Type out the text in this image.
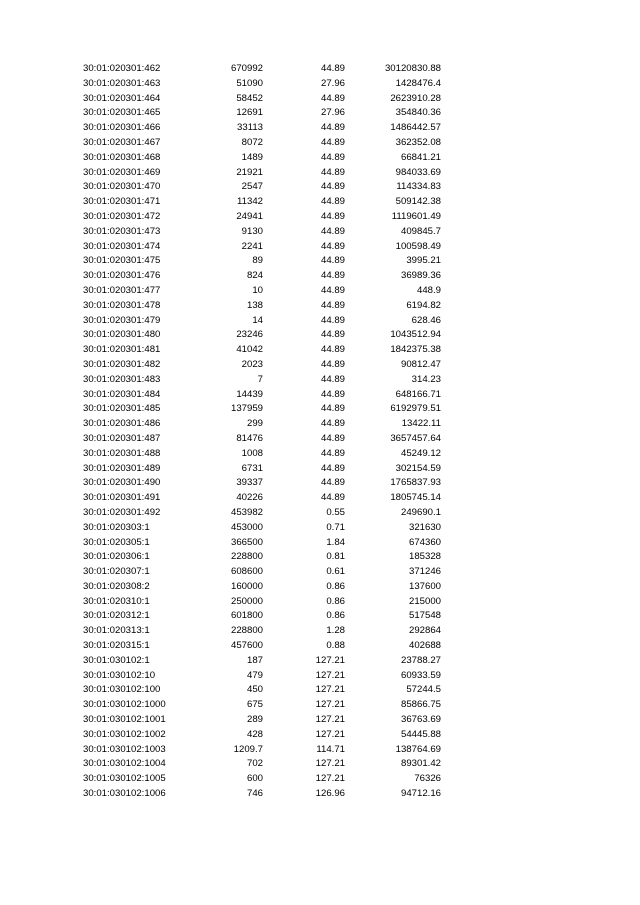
30:01:020301:462	670992	44.89	30120830.88
30:01:020301:463	51090	27.96	1428476.4
30:01:020301:464	58452	44.89	2623910.28
30:01:020301:465	12691	27.96	354840.36
30:01:020301:466	33113	44.89	1486442.57
30:01:020301:467	8072	44.89	362352.08
30:01:020301:468	1489	44.89	66841.21
30:01:020301:469	21921	44.89	984033.69
30:01:020301:470	2547	44.89	114334.83
30:01:020301:471	11342	44.89	509142.38
30:01:020301:472	24941	44.89	1119601.49
30:01:020301:473	9130	44.89	409845.7
30:01:020301:474	2241	44.89	100598.49
30:01:020301:475	89	44.89	3995.21
30:01:020301:476	824	44.89	36989.36
30:01:020301:477	10	44.89	448.9
30:01:020301:478	138	44.89	6194.82
30:01:020301:479	14	44.89	628.46
30:01:020301:480	23246	44.89	1043512.94
30:01:020301:481	41042	44.89	1842375.38
30:01:020301:482	2023	44.89	90812.47
30:01:020301:483	7	44.89	314.23
30:01:020301:484	14439	44.89	648166.71
30:01:020301:485	137959	44.89	6192979.51
30:01:020301:486	299	44.89	13422.11
30:01:020301:487	81476	44.89	3657457.64
30:01:020301:488	1008	44.89	45249.12
30:01:020301:489	6731	44.89	302154.59
30:01:020301:490	39337	44.89	1765837.93
30:01:020301:491	40226	44.89	1805745.14
30:01:020301:492	453982	0.55	249690.1
30:01:020303:1	453000	0.71	321630
30:01:020305:1	366500	1.84	674360
30:01:020306:1	228800	0.81	185328
30:01:020307:1	608600	0.61	371246
30:01:020308:2	160000	0.86	137600
30:01:020310:1	250000	0.86	215000
30:01:020312:1	601800	0.86	517548
30:01:020313:1	228800	1.28	292864
30:01:020315:1	457600	0.88	402688
30:01:030102:1	187	127.21	23788.27
30:01:030102:10	479	127.21	60933.59
30:01:030102:100	450	127.21	57244.5
30:01:030102:1000	675	127.21	85866.75
30:01:030102:1001	289	127.21	36763.69
30:01:030102:1002	428	127.21	54445.88
30:01:030102:1003	1209.7	114.71	138764.69
30:01:030102:1004	702	127.21	89301.42
30:01:030102:1005	600	127.21	76326
30:01:030102:1006	746	126.96	94712.16
